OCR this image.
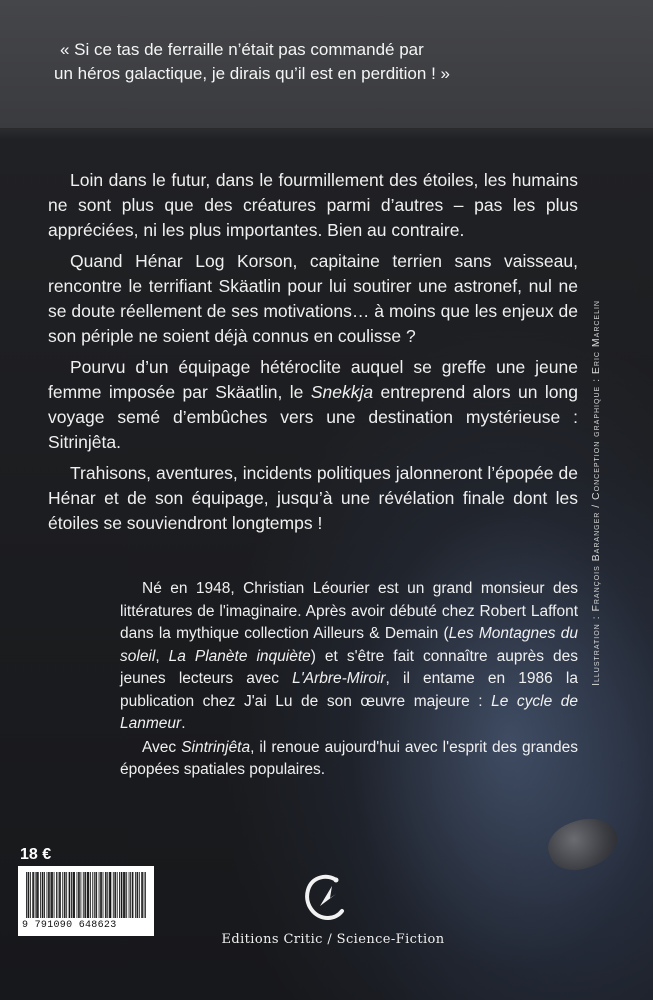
« Si ce tas de ferraille n’était pas commandé par
un héros galactique, je dirais qu’il est en perdition ! »

Loin dans le futur, dans le fourmillement des étoiles, les humains ne sont plus que des créatures parmi d’autres – pas les plus appréciées, ni les plus importantes. Bien au contraire.

Quand Hénar Log Korson, capitaine terrien sans vaisseau, rencontre le terrifiant Skäatlin pour lui soutirer une astronef, nul ne se doute réellement de ses motivations… à moins que les enjeux de son périple ne soient déjà connus en coulisse ?

Pourvu d’un équipage hétéroclite auquel se greffe une jeune femme imposée par Skäatlin, le Snekkja entreprend alors un long voyage semé d’embûches vers une destination mystérieuse : Sitrinjêta.

Trahisons, aventures, incidents politiques jalonneront l’épopée de Hénar et de son équipage, jusqu’à une révélation finale dont les étoiles se souviendront longtemps !

Né en 1948, Christian Léourier est un grand monsieur des littératures de l'imaginaire. Après avoir débuté chez Robert Laffont dans la mythique collection Ailleurs & Demain (Les Montagnes du soleil, La Planète inquiète) et s'être fait connaître auprès des jeunes lecteurs avec L'Arbre-Miroir, il entame en 1986 la publication chez J'ai Lu de son œuvre majeure : Le cycle de Lanmeur.

Avec Sintrinjêta, il renoue aujourd'hui avec l'esprit des grandes épopées spatiales populaires.

Illustration : François Baranger / Conception graphique : Eric Marcelin
18 €
9 791090 648623
Editions Critic / Science-Fiction
